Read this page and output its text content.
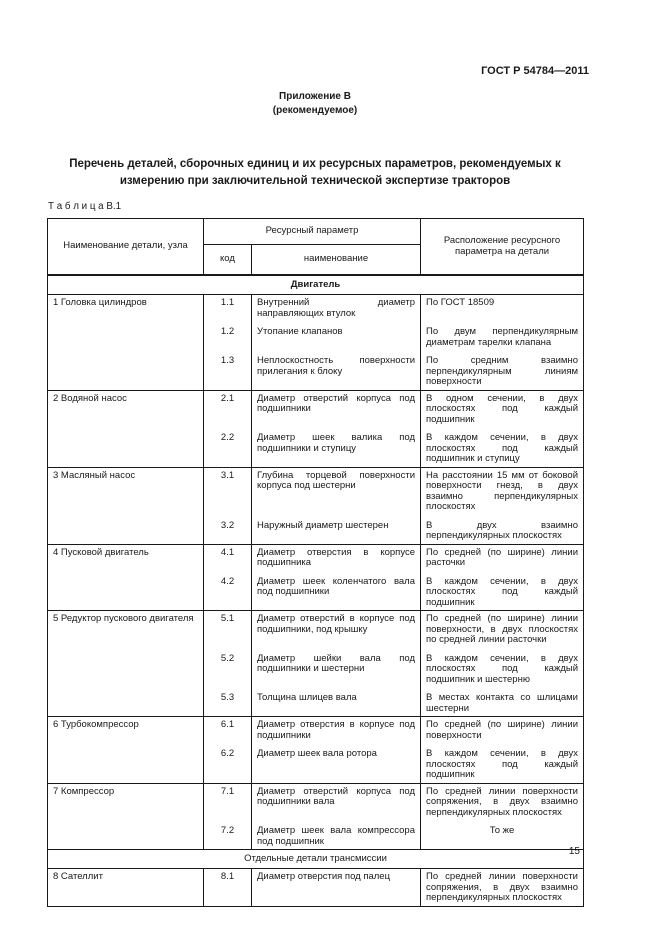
ГОСТ Р 54784—2011
Приложение В
(рекомендуемое)
Перечень деталей, сборочных единиц и их ресурсных параметров, рекомендуемых к измерению при заключительной технической экспертизе тракторов
Т а б л и ц а В.1
Наименование детали, узла	Ресурсный параметр		Расположение ресурсного параметра на детали
	код	наименование	
Двигатель			
1 Головка цилиндров	1.1	Внутренний диаметр направляющих втулок	По ГОСТ 18509
	1.2	Утопание клапанов	По двум перпендикулярным диаметрам тарелки клапана
	1.3	Неплоскостность поверхности прилегания к блоку	По средним взаимно перпендикулярным линиям поверхности
2 Водяной насос	2.1	Диаметр отверстий корпуса под подшипники	В одном сечении, в двух плоскостях под каждый подшипник
	2.2	Диаметр шеек валика под подшипники и ступицу	В каждом сечении, в двух плоскостях под каждый подшипник и ступицу
3 Масляный насос	3.1	Глубина торцевой поверхности корпуса под шестерни	На расстоянии 15 мм от боковой поверхности гнезд, в двух взаимно перпендикулярных плоскостях
	3.2	Наружный диаметр шестерен	В двух взаимно перпендикулярных плоскостях
4 Пусковой двигатель	4.1	Диаметр отверстия в корпусе подшипника	По средней (по ширине) линии расточки
	4.2	Диаметр шеек коленчатого вала под подшипники	В каждом сечении, в двух плоскостях под каждый подшипник
5 Редуктор пускового двигателя	5.1	Диаметр отверстий в корпусе под подшипники, под крышку	По средней (по ширине) линии поверхности, в двух плоскостях по средней линии расточки
	5.2	Диаметр шейки вала под подшипники и шестерни	В каждом сечении, в двух плоскостях под каждый подшипник и шестерню
	5.3	Толщина шлицев вала	В местах контакта со шлицами шестерни
6 Турбокомпрессор	6.1	Диаметр отверстия в корпусе под подшипники	По средней (по ширине) линии поверхности
	6.2	Диаметр шеек вала ротора	В каждом сечении, в двух плоскостях под каждый подшипник
7 Компрессор	7.1	Диаметр отверстий корпуса под подшипники вала	По средней линии поверхности сопряжения, в двух взаимно перпендикулярных плоскостях
	7.2	Диаметр шеек вала компрессора под подшипник	То же
Отдельные детали трансмиссии			
8 Сателлит	8.1	Диаметр отверстия под палец	По средней линии поверхности сопряжения, в двух взаимно перпендикулярных плоскостях
15
